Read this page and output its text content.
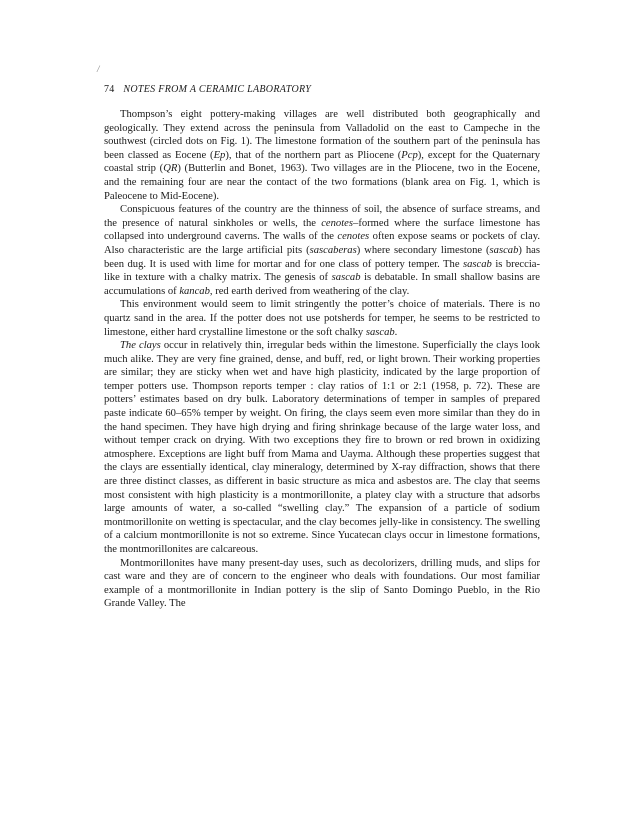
/
74 NOTES FROM A CERAMIC LABORATORY

Thompson’s eight pottery-making villages are well distributed both geographically and geologically. They extend across the peninsula from Valladolid on the east to Campeche in the southwest (circled dots on Fig. 1). The limestone formation of the southern part of the peninsula has been classed as Eocene (Ep), that of the northern part as Pliocene (Pcp), except for the Quaternary coastal strip (QR) (Butterlin and Bonet, 1963). Two villages are in the Pliocene, two in the Eocene, and the remaining four are near the contact of the two formations (blank area on Fig. 1, which is Paleocene to Mid-Eocene).

Conspicuous features of the country are the thinness of soil, the absence of surface streams, and the presence of natural sinkholes or wells, the cenotes–formed where the surface limestone has collapsed into underground caverns. The walls of the cenotes often expose seams or pockets of clay. Also characteristic are the large artificial pits (sascaberas) where secondary limestone (sascab) has been dug. It is used with lime for mortar and for one class of pottery temper. The sascab is breccia-like in texture with a chalky matrix. The genesis of sascab is debatable. In small shallow basins are accumulations of kancab, red earth derived from weathering of the clay.

This environment would seem to limit stringently the potter’s choice of materials. There is no quartz sand in the area. If the potter does not use potsherds for temper, he seems to be restricted to limestone, either hard crystalline limestone or the soft chalky sascab.

The clays occur in relatively thin, irregular beds within the limestone. Superficially the clays look much alike. They are very fine grained, dense, and buff, red, or light brown. Their working properties are similar; they are sticky when wet and have high plasticity, indicated by the large proportion of temper potters use. Thompson reports temper : clay ratios of 1:1 or 2:1 (1958, p. 72). These are potters’ estimates based on dry bulk. Laboratory determinations of temper in samples of prepared paste indicate 60–65% temper by weight. On firing, the clays seem even more similar than they do in the hand specimen. They have high drying and firing shrinkage because of the large water loss, and without temper crack on drying. With two exceptions they fire to brown or red brown in oxidizing atmosphere. Exceptions are light buff from Mama and Uayma. Although these properties suggest that the clays are essentially identical, clay mineralogy, determined by X-ray diffraction, shows that there are three distinct classes, as different in basic structure as mica and asbestos are. The clay that seems most consistent with high plasticity is a montmorillonite, a platey clay with a structure that adsorbs large amounts of water, a so-called “swelling clay.” The expansion of a particle of sodium montmorillonite on wetting is spectacular, and the clay becomes jelly-like in consistency. The swelling of a calcium montmorillonite is not so extreme. Since Yucatecan clays occur in limestone formations, the montmorillonites are calcareous.

Montmorillonites have many present-day uses, such as decolorizers, drilling muds, and slips for cast ware and they are of concern to the engineer who deals with foundations. Our most familiar example of a montmorillonite in Indian pottery is the slip of Santo Domingo Pueblo, in the Rio Grande Valley. The
